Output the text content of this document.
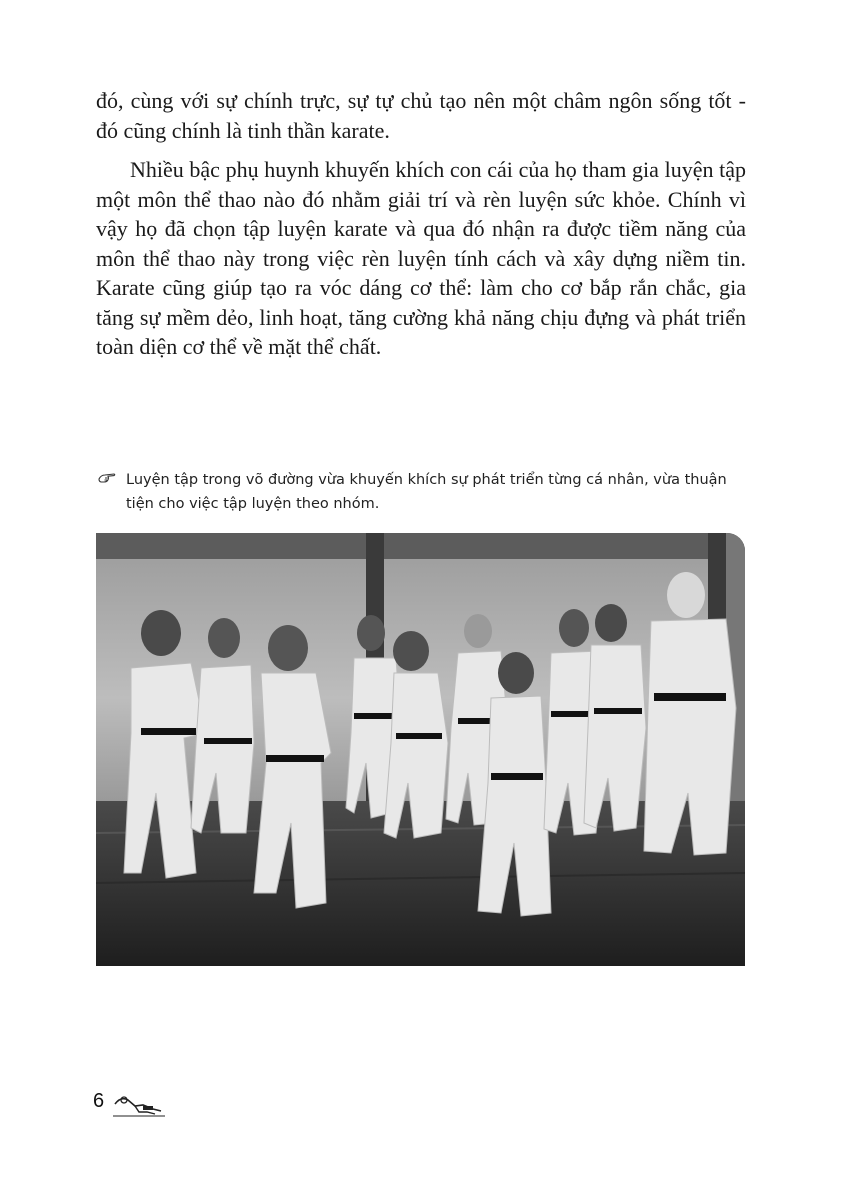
đó, cùng với sự chính trực, sự tự chủ tạo nên một châm ngôn sống tốt - đó cũng chính là tinh thần karate.

Nhiều bậc phụ huynh khuyến khích con cái của họ tham gia luyện tập một môn thể thao nào đó nhằm giải trí và rèn luyện sức khỏe. Chính vì vậy họ đã chọn tập luyện karate và qua đó nhận ra được tiềm năng của môn thể thao này trong việc rèn luyện tính cách và xây dựng niềm tin. Karate cũng giúp tạo ra vóc dáng cơ thể: làm cho cơ bắp rắn chắc, gia tăng sự mềm dẻo, linh hoạt, tăng cường khả năng chịu đựng và phát triển toàn diện cơ thể về mặt thể chất.

Luyện tập trong võ đường vừa khuyến khích sự phát triển từng cá nhân, vừa thuận tiện cho việc tập luyện theo nhóm.
6
